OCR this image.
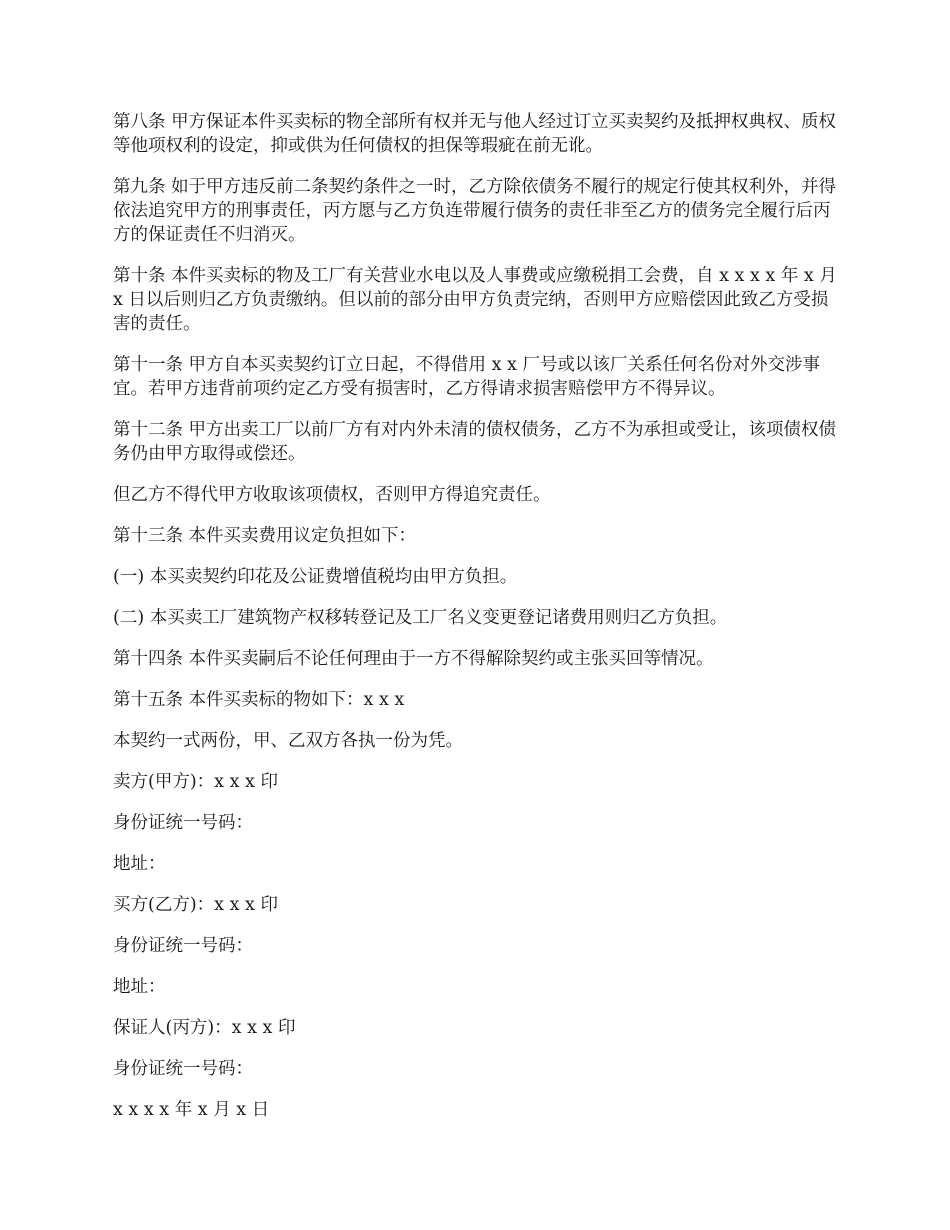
第八条 甲方保证本件买卖标的物全部所有权并无与他人经过订立买卖契约及抵押权典权、质权等他项权利的设定，抑或供为任何债权的担保等瑕疵在前无讹。

第九条 如于甲方违反前二条契约条件之一时，乙方除依债务不履行的规定行使其权利外，并得依法追究甲方的刑事责任，丙方愿与乙方负连带履行债务的责任非至乙方的债务完全履行后丙方的保证责任不归消灭。

第十条 本件买卖标的物及工厂有关营业水电以及人事费或应缴税捐工会费，自 x x x x 年 x 月 x 日以后则归乙方负责缴纳。但以前的部分由甲方负责完纳，否则甲方应赔偿因此致乙方受损害的责任。

第十一条 甲方自本买卖契约订立日起，不得借用 x x 厂号或以该厂关系任何名份对外交涉事宜。若甲方违背前项约定乙方受有损害时，乙方得请求损害赔偿甲方不得异议。

第十二条 甲方出卖工厂以前厂方有对内外未清的债权债务，乙方不为承担或受让，该项债权债务仍由甲方取得或偿还。

但乙方不得代甲方收取该项债权，否则甲方得追究责任。

第十三条 本件买卖费用议定负担如下：

(一) 本买卖契约印花及公证费增值税均由甲方负担。

(二) 本买卖工厂建筑物产权移转登记及工厂名义变更登记诸费用则归乙方负担。

第十四条 本件买卖嗣后不论任何理由于一方不得解除契约或主张买回等情况。

第十五条 本件买卖标的物如下：x x x

本契约一式两份，甲、乙双方各执一份为凭。

卖方(甲方)：x x x 印

身份证统一号码：

地址：

买方(乙方)：x x x 印

身份证统一号码：

地址：

保证人(丙方)：x x x 印

身份证统一号码：

x x x x 年 x 月 x 日
